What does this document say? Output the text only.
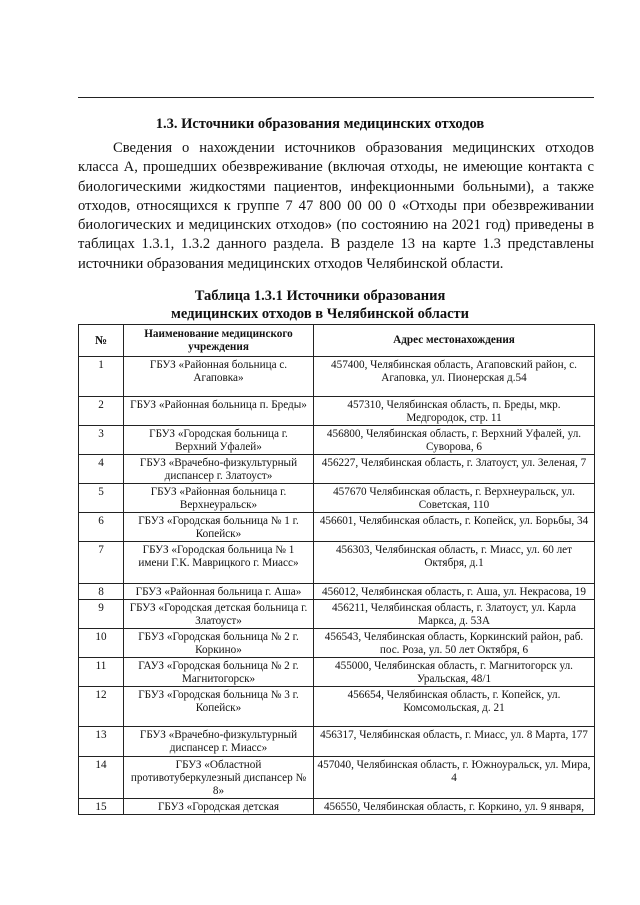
1.3. Источники образования медицинских отходов

Сведения о нахождении источников образования медицинских отходов класса А, прошедших обезвреживание (включая отходы, не имеющие контакта с биологическими жидкостями пациентов, инфекционными больными), а также отходов, относящихся к группе 7 47 800 00 00 0 «Отходы при обезвреживании биологических и медицинских отходов» (по состоянию на 2021 год) приведены в таблицах 1.3.1, 1.3.2 данного раздела. В разделе 13 на карте 1.3 представлены источники образования медицинских отходов Челябинской области.

Таблица 1.3.1 Источники образования
медицинских отходов в Челябинской области
№	Наименование медицинского учреждения	Адрес местонахождения
1	ГБУЗ «Районная больница с. Агаповка»	457400, Челябинская область, Агаповский район, с. Агаповка, ул. Пионерская д.54
2	ГБУЗ «Районная больница п. Бреды»	457310, Челябинская область, п. Бреды, мкр. Медгородок, стр. 11
3	ГБУЗ «Городская больница г. Верхний Уфалей»	456800, Челябинская область, г. Верхний Уфалей, ул. Суворова, 6
4	ГБУЗ «Врачебно-физкультурный диспансер г. Златоуст»	456227, Челябинская область, г. Златоуст, ул. Зеленая, 7
5	ГБУЗ «Районная больница г. Верхнеуральск»	457670 Челябинская область, г. Верхнеуральск, ул. Советская, 110
6	ГБУЗ «Городская больница № 1 г. Копейск»	456601, Челябинская область, г. Копейск, ул. Борьбы, 34
7	ГБУЗ «Городская больница № 1 имени Г.К. Маврицкого г. Миасс»	456303, Челябинская область, г. Миасс, ул. 60 лет Октября, д.1
8	ГБУЗ «Районная больница г. Аша»	456012, Челябинская область, г. Аша, ул. Некрасова, 19
9	ГБУЗ «Городская детская больница г. Златоуст»	456211, Челябинская область, г. Златоуст, ул. Карла Маркса, д. 53А
10	ГБУЗ «Городская больница № 2 г. Коркино»	456543, Челябинская область, Коркинский район, раб. пос. Роза, ул. 50 лет Октября, 6
11	ГАУЗ «Городская больница № 2 г. Магнитогорск»	455000, Челябинская область, г. Магнитогорск ул. Уральская, 48/1
12	ГБУЗ «Городская больница № 3 г. Копейск»	456654, Челябинская область, г. Копейск, ул. Комсомольская, д. 21
13	ГБУЗ «Врачебно-физкультурный диспансер г. Миасс»	456317, Челябинская область, г. Миасс, ул. 8 Марта, 177
14	ГБУЗ «Областной противотуберкулезный диспансер № 8»	457040, Челябинская область, г. Южноуральск, ул. Мира, 4
15	ГБУЗ «Городская детская	456550, Челябинская область, г. Коркино, ул. 9 января,
